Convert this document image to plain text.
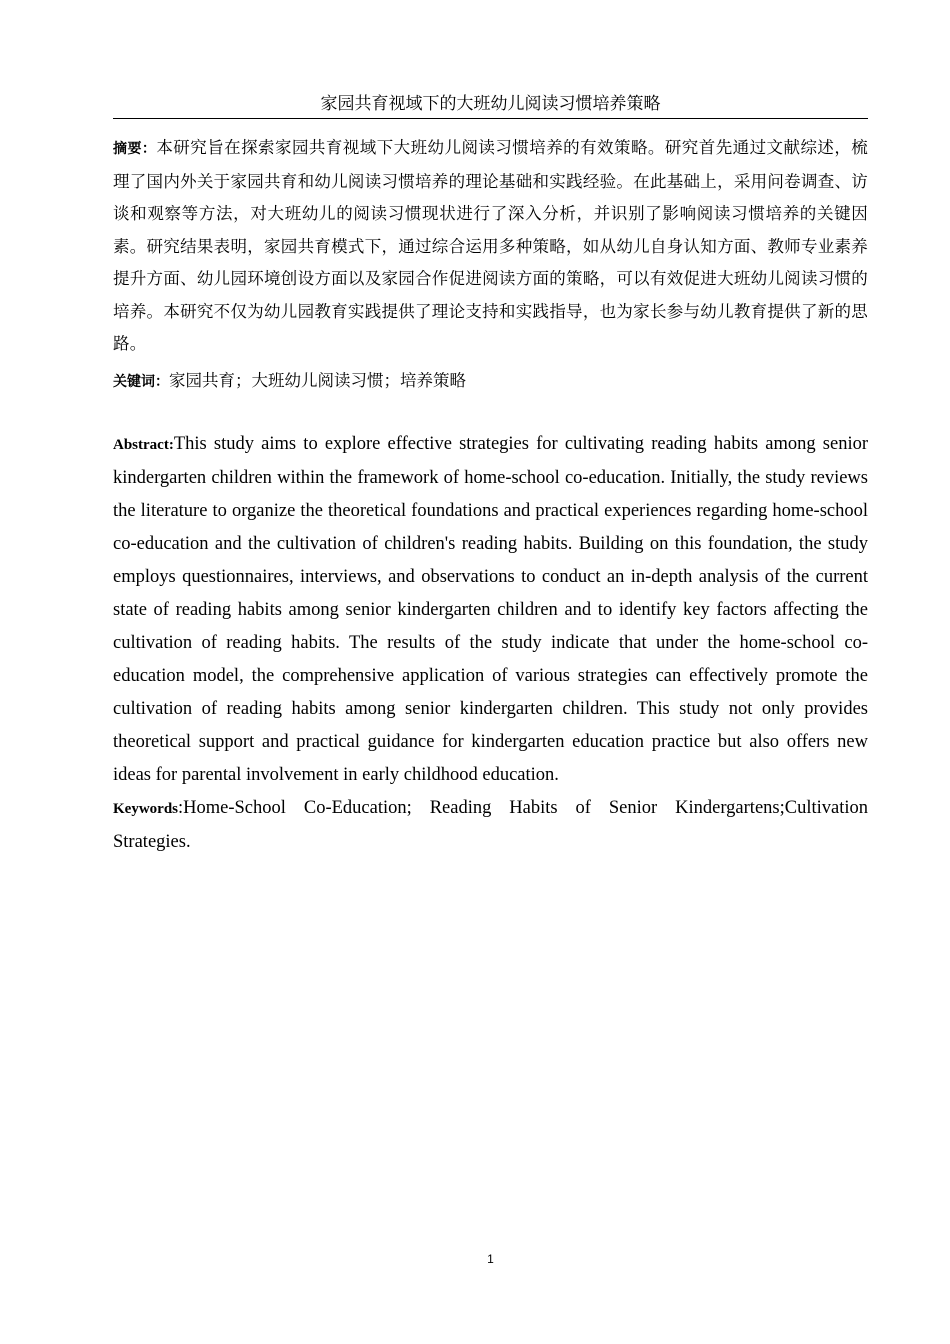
家园共育视域下的大班幼儿阅读习惯培养策略

摘要：本研究旨在探索家园共育视域下大班幼儿阅读习惯培养的有效策略。研究首先通过文献综述，梳理了国内外关于家园共育和幼儿阅读习惯培养的理论基础和实践经验。在此基础上，采用问卷调查、访谈和观察等方法，对大班幼儿的阅读习惯现状进行了深入分析，并识别了影响阅读习惯培养的关键因素。研究结果表明，家园共育模式下，通过综合运用多种策略，如从幼儿自身认知方面、教师专业素养提升方面、幼儿园环境创设方面以及家园合作促进阅读方面的策略，可以有效促进大班幼儿阅读习惯的培养。本研究不仅为幼儿园教育实践提供了理论支持和实践指导，也为家长参与幼儿教育提供了新的思路。

关键词：家园共育；大班幼儿阅读习惯；培养策略

Abstract:This study aims to explore effective strategies for cultivating reading habits among senior kindergarten children within the framework of home-school co-education. Initially, the study reviews the literature to organize the theoretical foundations and practical experiences regarding home-school co-education and the cultivation of children's reading habits. Building on this foundation, the study employs questionnaires, interviews, and observations to conduct an in-depth analysis of the current state of reading habits among senior kindergarten children and to identify key factors affecting the cultivation of reading habits. The results of the study indicate that under the home-school co-education model, the comprehensive application of various strategies can effectively promote the cultivation of reading habits among senior kindergarten children. This study not only provides theoretical support and practical guidance for kindergarten education practice but also offers new ideas for parental involvement in early childhood education.

Keywords:Home-School Co-Education; Reading Habits of Senior Kindergartens;Cultivation Strategies.

1
